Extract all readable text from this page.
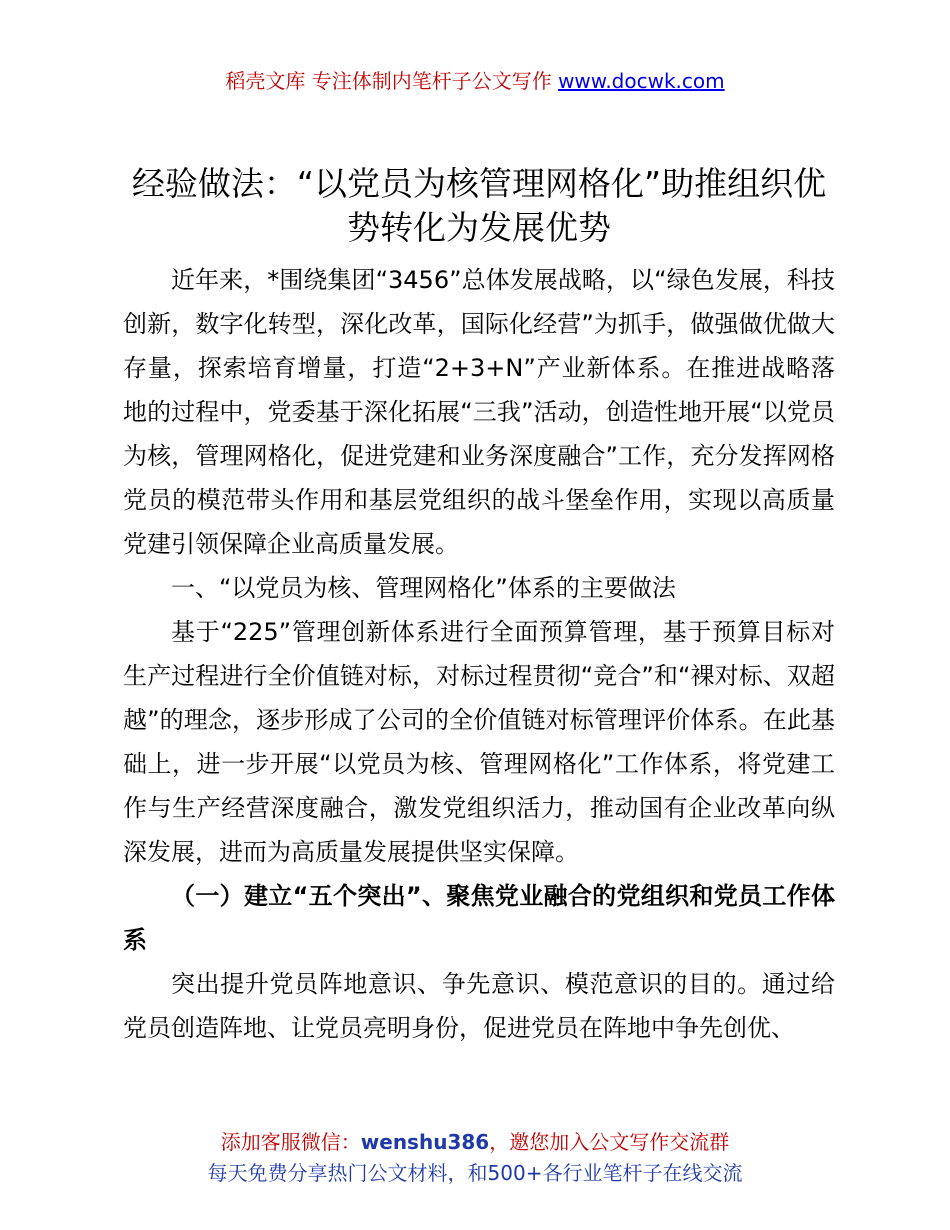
稻壳文库 专注体制内笔杆子公文写作 www.docwk.com
经验做法：“以党员为核管理网格化”助推组织优势转化为发展优势

近年来，*围绕集团“3456”总体发展战略，以“绿色发展，科技创新，数字化转型，深化改革，国际化经营”为抓手，做强做优做大存量，探索培育增量，打造“2+3+N”产业新体系。在推进战略落地的过程中，党委基于深化拓展“三我”活动，创造性地开展“以党员为核，管理网格化，促进党建和业务深度融合”工作，充分发挥网格党员的模范带头作用和基层党组织的战斗堡垒作用，实现以高质量党建引领保障企业高质量发展。

一、“以党员为核、管理网格化”体系的主要做法

基于“225”管理创新体系进行全面预算管理，基于预算目标对生产过程进行全价值链对标，对标过程贯彻“竞合”和“裸对标、双超越”的理念，逐步形成了公司的全价值链对标管理评价体系。在此基础上，进一步开展“以党员为核、管理网格化”工作体系，将党建工作与生产经营深度融合，激发党组织活力，推动国有企业改革向纵深发展，进而为高质量发展提供坚实保障。

（一）建立“五个突出”、聚焦党业融合的党组织和党员工作体系

突出提升党员阵地意识、争先意识、模范意识的目的。通过给党员创造阵地、让党员亮明身份，促进党员在阵地中争先创优、

添加客服微信：wenshu386，邀您加入公文写作交流群
每天免费分享热门公文材料，和500+各行业笔杆子在线交流
